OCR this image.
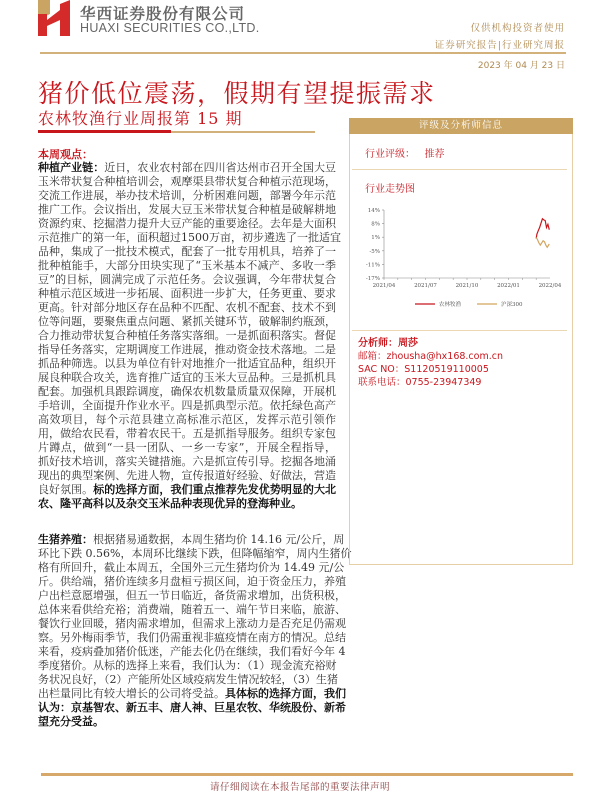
华西证券股份有限公司
HUAXI SECURITIES CO.,LTD.	仅供机构投资者使用
证券研究报告|行业研究周报
2023 年 04 月 23 日
猪价低位震荡，假期有望提振需求
农林牧渔行业周报第 15 期
本周观点：
种植产业链：近日，农业农村部在四川省达州市召开全国大豆
玉米带状复合种植培训会，观摩渠县带状复合种植示范现场，
交流工作进展，举办技术培训，分析困难问题，部署今年示范
推广工作。会议指出，发展大豆玉米带状复合种植是破解耕地
资源约束、挖掘潜力提升大豆产能的重要途径。去年是大面积
示范推广的第一年，面积超过1500万亩，初步遴选了一批适宜
品种，集成了一批技术模式，配套了一批专用机具，培养了一
批种植能手，大部分田块实现了“玉米基本不减产、多收一季
豆”的目标，圆满完成了示范任务。会议强调，今年带状复合
种植示范区域进一步拓展、面积进一步扩大，任务更重、要求
更高。针对部分地区存在品种不匹配、农机不配套、技术不到
位等问题，要聚焦重点问题、紧抓关键环节，破解制约瓶颈，
合力推动带状复合种植任务落实落细。一是抓面积落实。督促
指导任务落实，定期调度工作进展，推动资金技术落地。二是
抓品种筛选。以县为单位有针对地推介一批适宜品种，组织开
展良种联合攻关，选育推广适宜的玉米大豆品种。三是抓机具
配套。加强机具跟踪调度，确保农机数量质量双保障，开展机
手培训，全面提升作业水平。四是抓典型示范。依托绿色高产
高效项目，每个示范县建立高标准示范区，发挥示范引领作
用，做给农民看，带着农民干。五是抓指导服务。组织专家包
片蹲点，做到“一县一团队、一乡一专家”，开展全程指导，
抓好技术培训，落实关键措施。六是抓宣传引导。挖掘各地涌
现出的典型案例、先进人物，宣传报道好经验、好做法，营造
良好氛围。标的选择方面，我们重点推荐先发优势明显的大北
农、隆平高科以及杂交玉米品种表现优异的登海种业。
生猪养殖：根据猪易通数据，本周生猪均价 14.16 元/公斤，周
环比下跌 0.56%，本周环比继续下跌，但降幅缩窄，周内生猪价
格有所回升，截止本周五，全国外三元生猪均价为 14.49 元/公
斤。供给端，猪价连续多月盘桓亏损区间，迫于资金压力，养殖
户出栏意愿增强，但五一节日临近，备货需求增加，出货积极，
总体来看供给充裕；消费端，随着五一、端午节日来临，旅游、
餐饮行业回暖，猪肉需求增加，但需求上涨动力是否充足仍需观
察。另外梅雨季节，我们仍需重视非瘟疫情在南方的情况。总结
来看，疫病叠加猪价低迷，产能去化仍在继续，我们看好今年 4
季度猪价。从标的选择上来看，我们认为：（1）现金流充裕财
务状况良好，（2）产能所处区域疫病发生情况较轻，（3）生猪
出栏量同比有较大增长的公司将受益。具体标的选择方面，我们
认为：京基智农、新五丰、唐人神、巨星农牧、华统股份、新希
望充分受益。
评级及分析师信息
行业评级： 推荐
行业走势图
14%
8%
1%
-5%
-11%
-17%
2021/04	2021/07	2021/10	2022/01	2022/04
农林牧渔	沪深300
分析师：周莎
邮箱：zhousha@hx168.com.cn
SAC NO：S1120519110005
联系电话：0755-23947349
请仔细阅读在本报告尾部的重要法律声明
